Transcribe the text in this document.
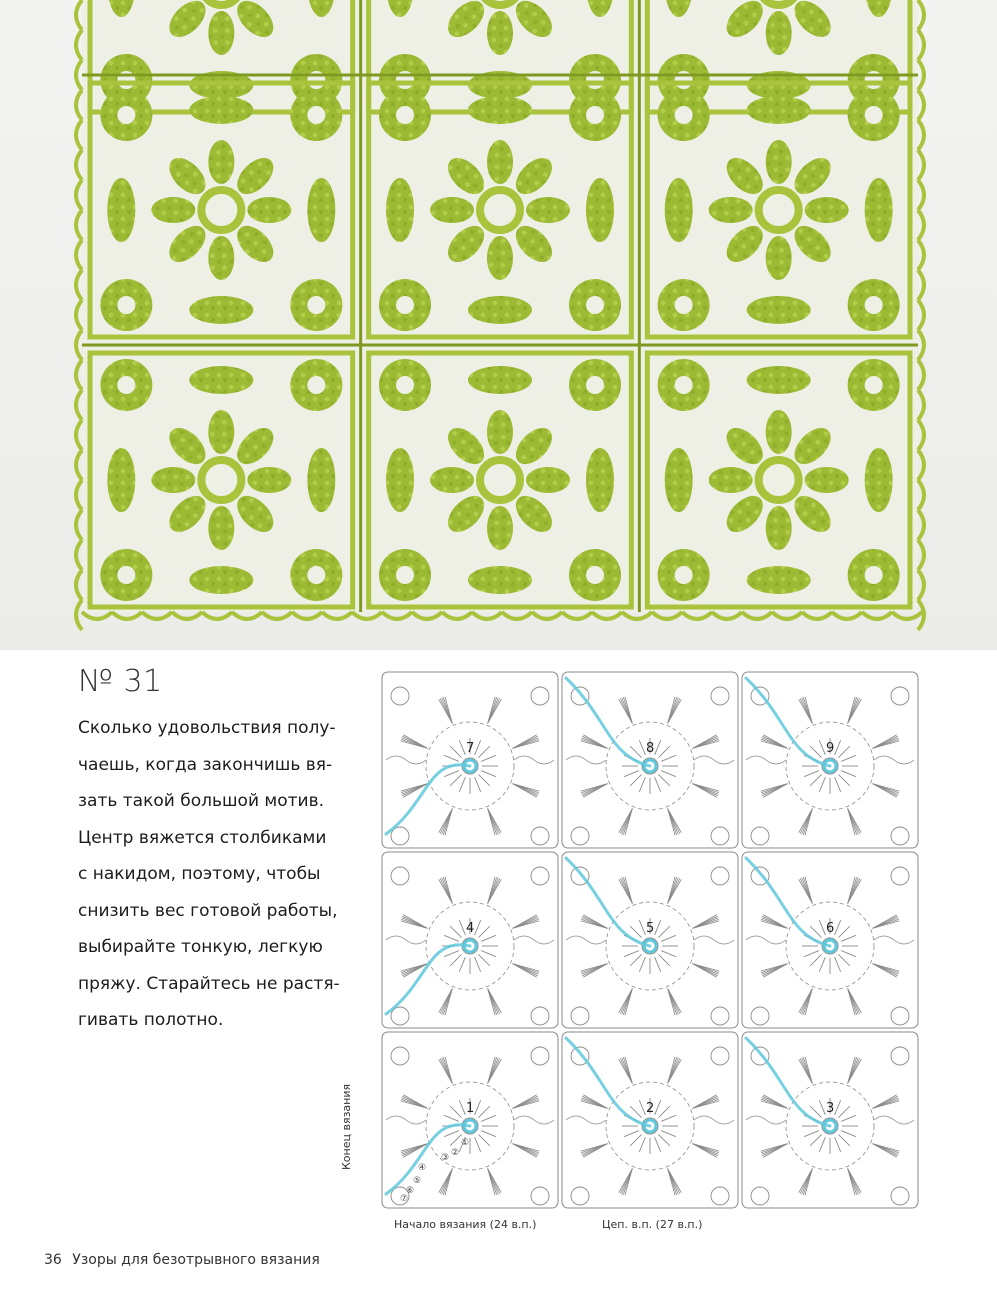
№ 31
Сколько удовольствия полу-
чаешь, когда закончишь вя-
зать такой большой мотив.
Центр вяжется столбиками
с накидом, поэтому, чтобы
снизить вес готовой работы,
выбирайте тонкую, легкую
пряжу. Старайтесь не растя-
гивать полотно.
7	8	9
4	5	6
1	2	3
①
②
③
④
⑤
⑥
⑦
Начало вязания (24 в.п.)	Цеп. в.п. (27 в.п.)
Конец вязания
36 Узоры для безотрывного вязания
